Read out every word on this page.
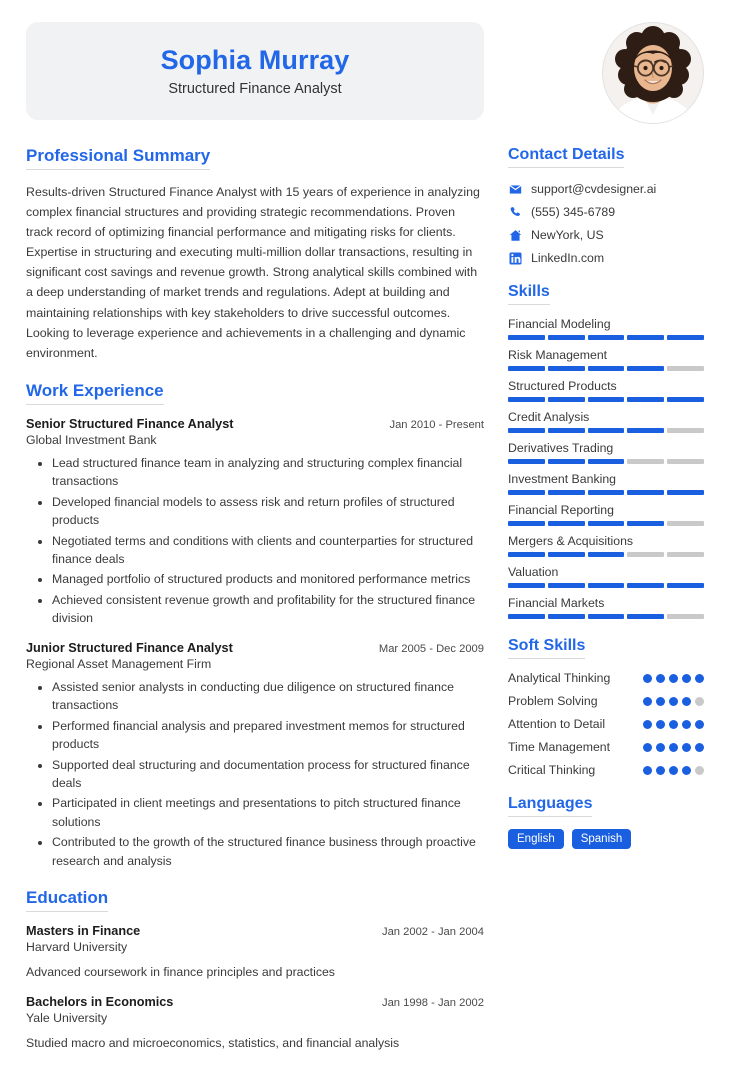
Sophia Murray
Structured Finance Analyst
Professional Summary
Results-driven Structured Finance Analyst with 15 years of experience in analyzing complex financial structures and providing strategic recommendations. Proven track record of optimizing financial performance and mitigating risks for clients. Expertise in structuring and executing multi-million dollar transactions, resulting in significant cost savings and revenue growth. Strong analytical skills combined with a deep understanding of market trends and regulations. Adept at building and maintaining relationships with key stakeholders to drive successful outcomes. Looking to leverage experience and achievements in a challenging and dynamic environment.
Work Experience
Senior Structured Finance Analyst	Jan 2010 - Present
Global Investment Bank
• Lead structured finance team in analyzing and structuring complex financial transactions
• Developed financial models to assess risk and return profiles of structured products
• Negotiated terms and conditions with clients and counterparties for structured finance deals
• Managed portfolio of structured products and monitored performance metrics
• Achieved consistent revenue growth and profitability for the structured finance division
Junior Structured Finance Analyst	Mar 2005 - Dec 2009
Regional Asset Management Firm
• Assisted senior analysts in conducting due diligence on structured finance transactions
• Performed financial analysis and prepared investment memos for structured products
• Supported deal structuring and documentation process for structured finance deals
• Participated in client meetings and presentations to pitch structured finance solutions
• Contributed to the growth of the structured finance business through proactive research and analysis
Education
Masters in Finance	Jan 2002 - Jan 2004
Harvard University
Advanced coursework in finance principles and practices
Bachelors in Economics	Jan 1998 - Jan 2002
Yale University
Studied macro and microeconomics, statistics, and financial analysis
Contact Details
support@cvdesigner.ai
(555) 345-6789
NewYork, US
LinkedIn.com
Skills
Financial Modeling
Risk Management
Structured Products
Credit Analysis
Derivatives Trading
Investment Banking
Financial Reporting
Mergers & Acquisitions
Valuation
Financial Markets
Soft Skills
Analytical Thinking
Problem Solving
Attention to Detail
Time Management
Critical Thinking
Languages
English	Spanish
